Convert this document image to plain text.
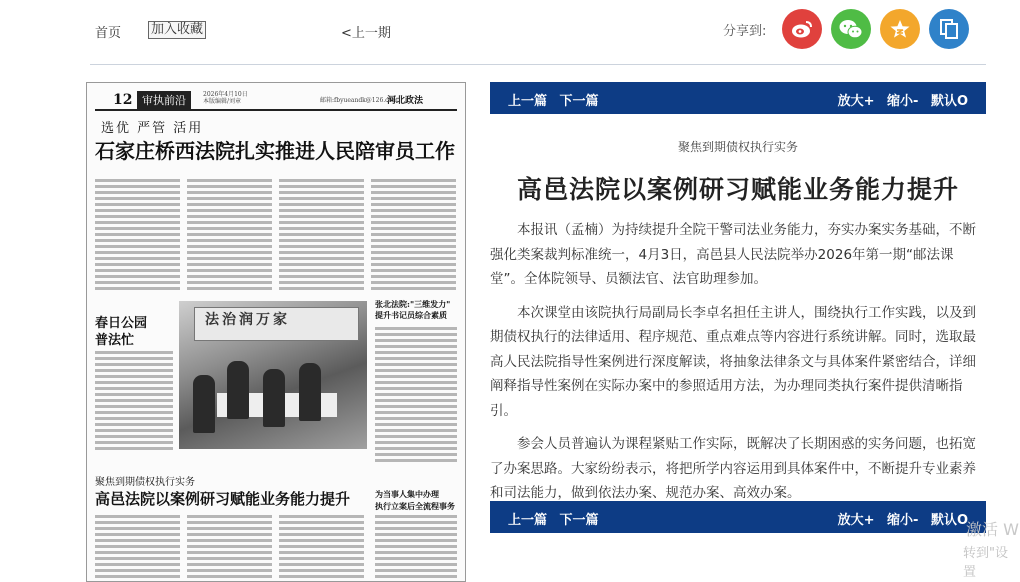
首页 加入收藏	<上一期	分享到:
12 审执前沿	2026年4月10日
本版编辑/刘章	邮箱:fbyueandk@126.com
河北政法
选优 严管 活用
石家庄桥西法院扎实推进人民陪审员工作
春日公园
普法忙
法治润万家
张北法院:"三维发力"
提升书记员综合素质
聚焦到期债权执行实务
高邑法院以案例研习赋能业务能力提升	为当事人集中办理
执行立案后全流程事务
上一篇 下一篇	放大+ 缩小- 默认O
聚焦到期债权执行实务
高邑法院以案例研习赋能业务能力提升

本报讯（孟楠）为持续提升全院干警司法业务能力，夯实办案实务基础，不断强化类案裁判标准统一，4月3日，高邑县人民法院举办2026年第一期“邮法课堂”。全体院领导、员额法官、法官助理参加。

本次课堂由该院执行局副局长李卓名担任主讲人，围绕执行工作实践，以及到期债权执行的法律适用、程序规范、重点难点等内容进行系统讲解。同时，选取最高人民法院指导性案例进行深度解读，将抽象法律条文与具体案件紧密结合，详细阐释指导性案例在实际办案中的参照适用方法，为办理同类执行案件提供清晰指引。

参会人员普遍认为课程紧贴工作实际，既解决了长期困惑的实务问题，也拓宽了办案思路。大家纷纷表示，将把所学内容运用到具体案件中，不断提升专业素养和司法能力，做到依法办案、规范办案、高效办案。

上一篇 下一篇	放大+ 缩小- 默认O
激活 W
转到"设置
